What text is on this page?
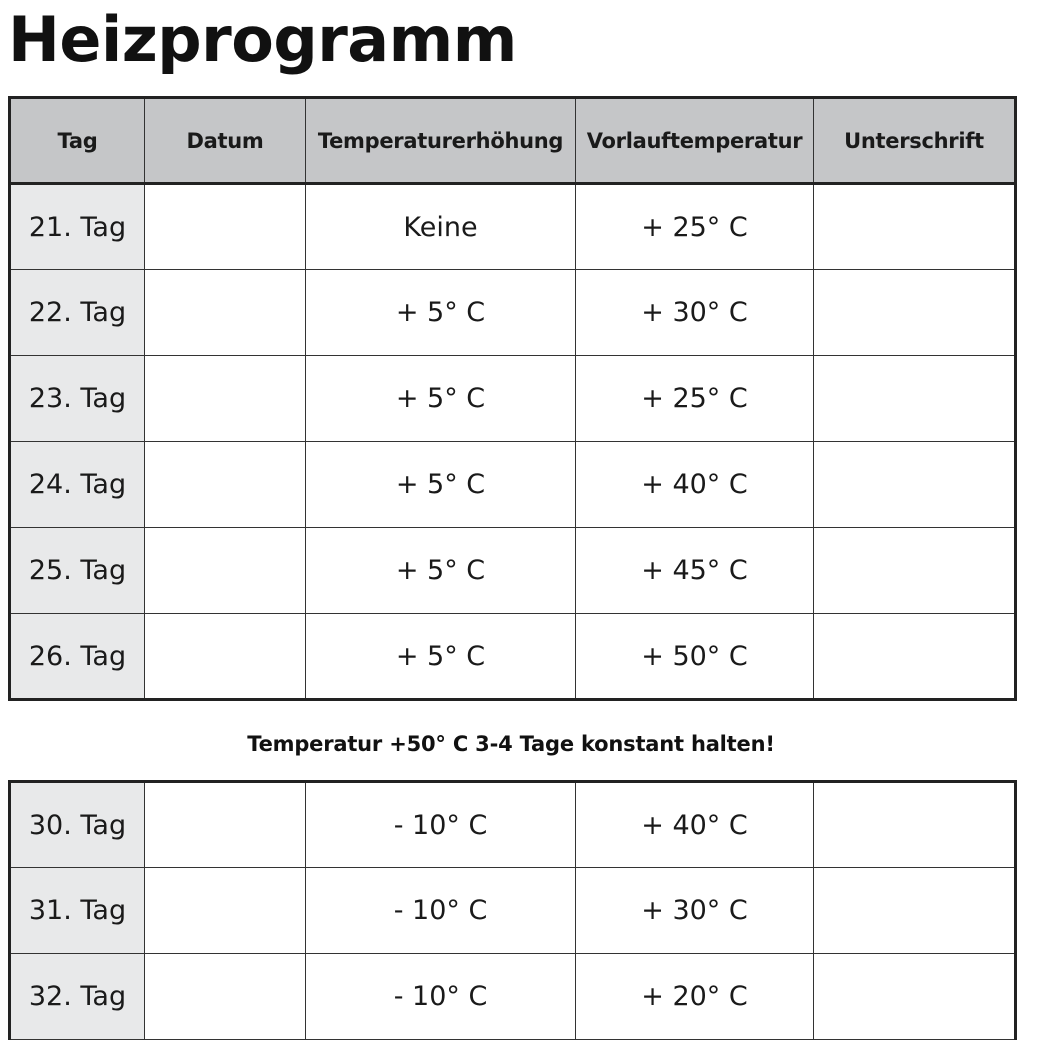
Heizprogramm
Tag	Datum	Temperaturerhöhung	Vorlauftemperatur	Unterschrift
21. Tag		Keine	+ 25° C	
22. Tag		+ 5° C	+ 30° C	
23. Tag		+ 5° C	+ 25° C	
24. Tag		+ 5° C	+ 40° C	
25. Tag		+ 5° C	+ 45° C	
26. Tag		+ 5° C	+ 50° C	

Temperatur +50° C 3-4 Tage konstant halten!

30. Tag		- 10° C	+ 40° C	
31. Tag		- 10° C	+ 30° C	
32. Tag		- 10° C	+ 20° C	
